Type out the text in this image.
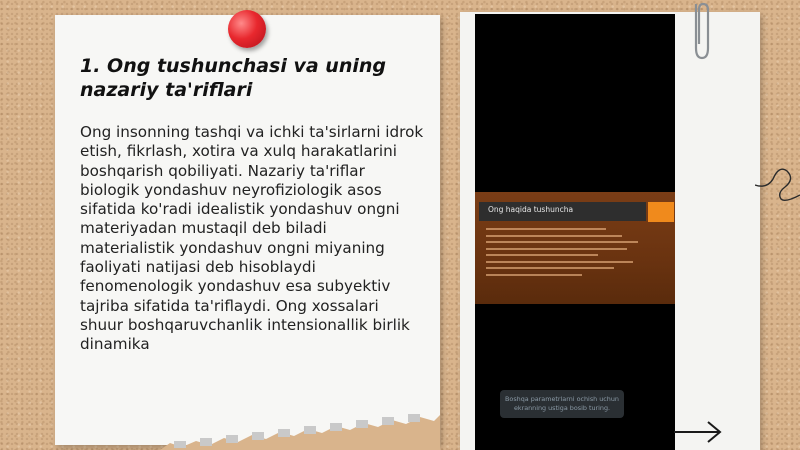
1. Ong tushunchasi va uning nazariy ta'riflari
Ong insonning tashqi va ichki ta'sirlarni idrok etish, fikrlash, xotira va xulq harakatlarini boshqarish qobiliyati. Nazariy ta'riflar biologik yondashuv neyrofiziologik asos sifatida ko'radi idealistik yondashuv ongni materiyadan mustaqil deb biladi materialistik yondashuv ongni miyaning faoliyati natijasi deb hisoblaydi fenomenologik yondashuv esa subyektiv tajriba sifatida ta'riflaydi. Ong xossalari shuur boshqaruvchanlik intensionallik birlik dinamika
Ong haqida tushuncha
Boshqa parametrlarni ochish uchun ekranning ustiga bosib turing.
